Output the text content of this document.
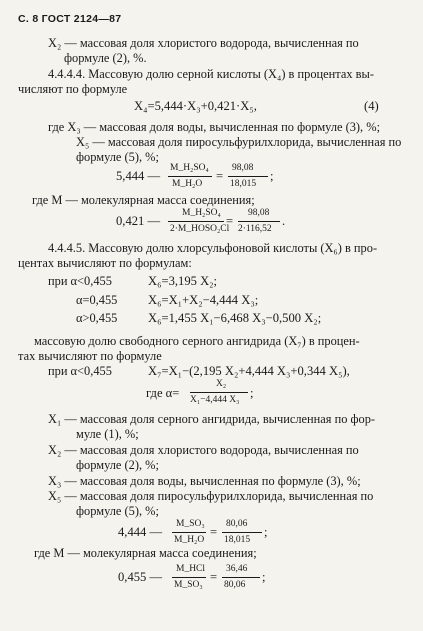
С. 8 ГОСТ 2124—87
X₂ — массовая доля хлористого водорода, вычисленная по
формуле (2), %.
4.4.4.4. Массовую долю серной кислоты (X₄) в процентах вы-
числяют по формуле
X₄=5,444·X₃+0,421·X₅,	(4)
где X₃ — массовая доля воды, вычисленная по формуле (3), %;
X₅ — массовая доля пиросульфурилхлорида, вычисленная по
формуле (5), %;
5,444 —
M_H₂SO₄
M_H₂O
=
98,08
18,015
;
где M — молекулярная масса соединения;
0,421 —
M_H₂SO₄
2·M_HOSO₂Cl
=
98,08
2·116,52
.
4.4.4.5. Массовую долю хлорсульфоновой кислоты (X₆) в про-
центах вычисляют по формулам:
при α<0,455	X₆=3,195 X₂;
α=0,455 X₆=X₁+X₂−4,444 X₃;
α>0,455 X₆=1,455 X₁−6,468 X₃−0,500 X₂;
массовую долю свободного серного ангидрида (X₇) в процен-
тах вычисляют по формуле
при α<0,455	X₇=X₁−(2,195 X₂+4,444 X₃+0,344 X₅),
где α=
X₂
X₁−4,444 X₃ ;
X₁ — массовая доля серного ангидрида, вычисленная по фор-
муле (1), %;
X₂ — массовая доля хлористого водорода, вычисленная по
формуле (2), %;
X₃ — массовая доля воды, вычисленная по формуле (3), %;
X₅ — массовая доля пиросульфурилхлорида, вычисленная по
формуле (5), %;
4,444 —
M_SO₃
M_H₂O
=
80,06
18,015
;
где M — молекулярная масса соединения;
0,455 —
M_HCl
M_SO₃
=
36,46
80,06
;
